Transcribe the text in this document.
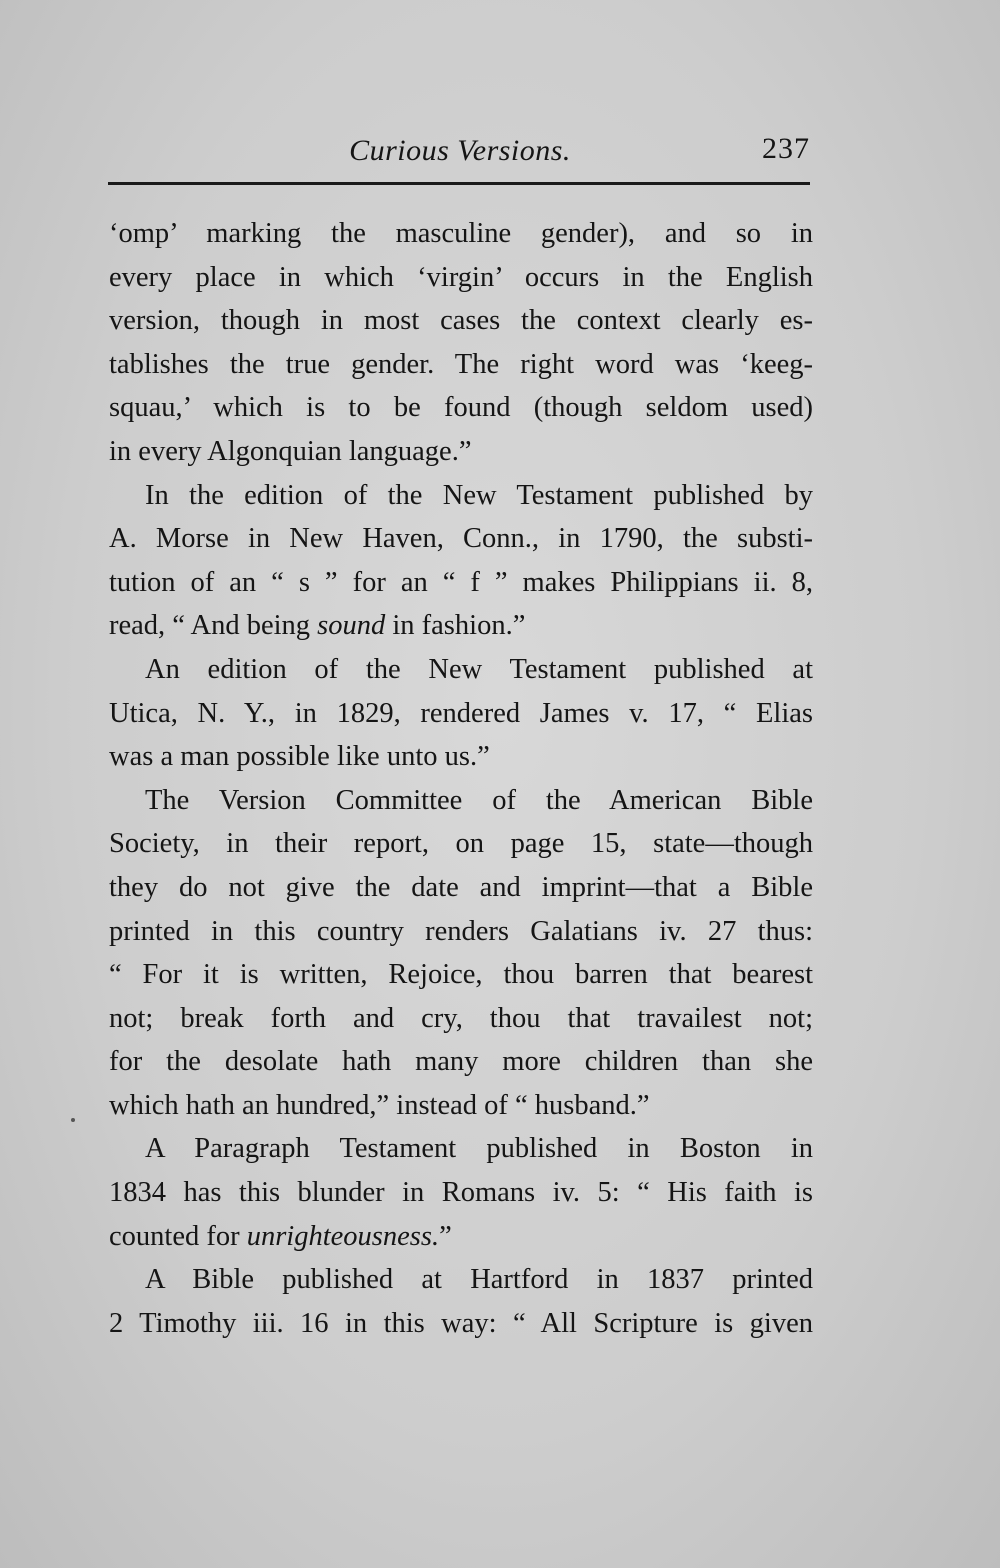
Curious Versions.	237
‘omp’ marking the masculine gender), and so in
every place in which ‘virgin’ occurs in the English
version, though in most cases the context clearly es-
tablishes the true gender. The right word was ‘keeg-
squau,’ which is to be found (though seldom used)
in every Algonquian language.”
In the edition of the New Testament published by
A. Morse in New Haven, Conn., in 1790, the substi-
tution of an “ s ” for an “ f ” makes Philippians ii. 8,
read, “ And being sound in fashion.”
An edition of the New Testament published at
Utica, N. Y., in 1829, rendered James v. 17, “ Elias
was a man possible like unto us.”
The Version Committee of the American Bible
Society, in their report, on page 15, state—though
they do not give the date and imprint—that a Bible
printed in this country renders Galatians iv. 27 thus:
“ For it is written, Rejoice, thou barren that bearest
not; break forth and cry, thou that travailest not;
for the desolate hath many more children than she
which hath an hundred,” instead of “ husband.”
A Paragraph Testament published in Boston in
1834 has this blunder in Romans iv. 5: “ His faith is
counted for unrighteousness.”
A Bible published at Hartford in 1837 printed
2 Timothy iii. 16 in this way: “ All Scripture is given
